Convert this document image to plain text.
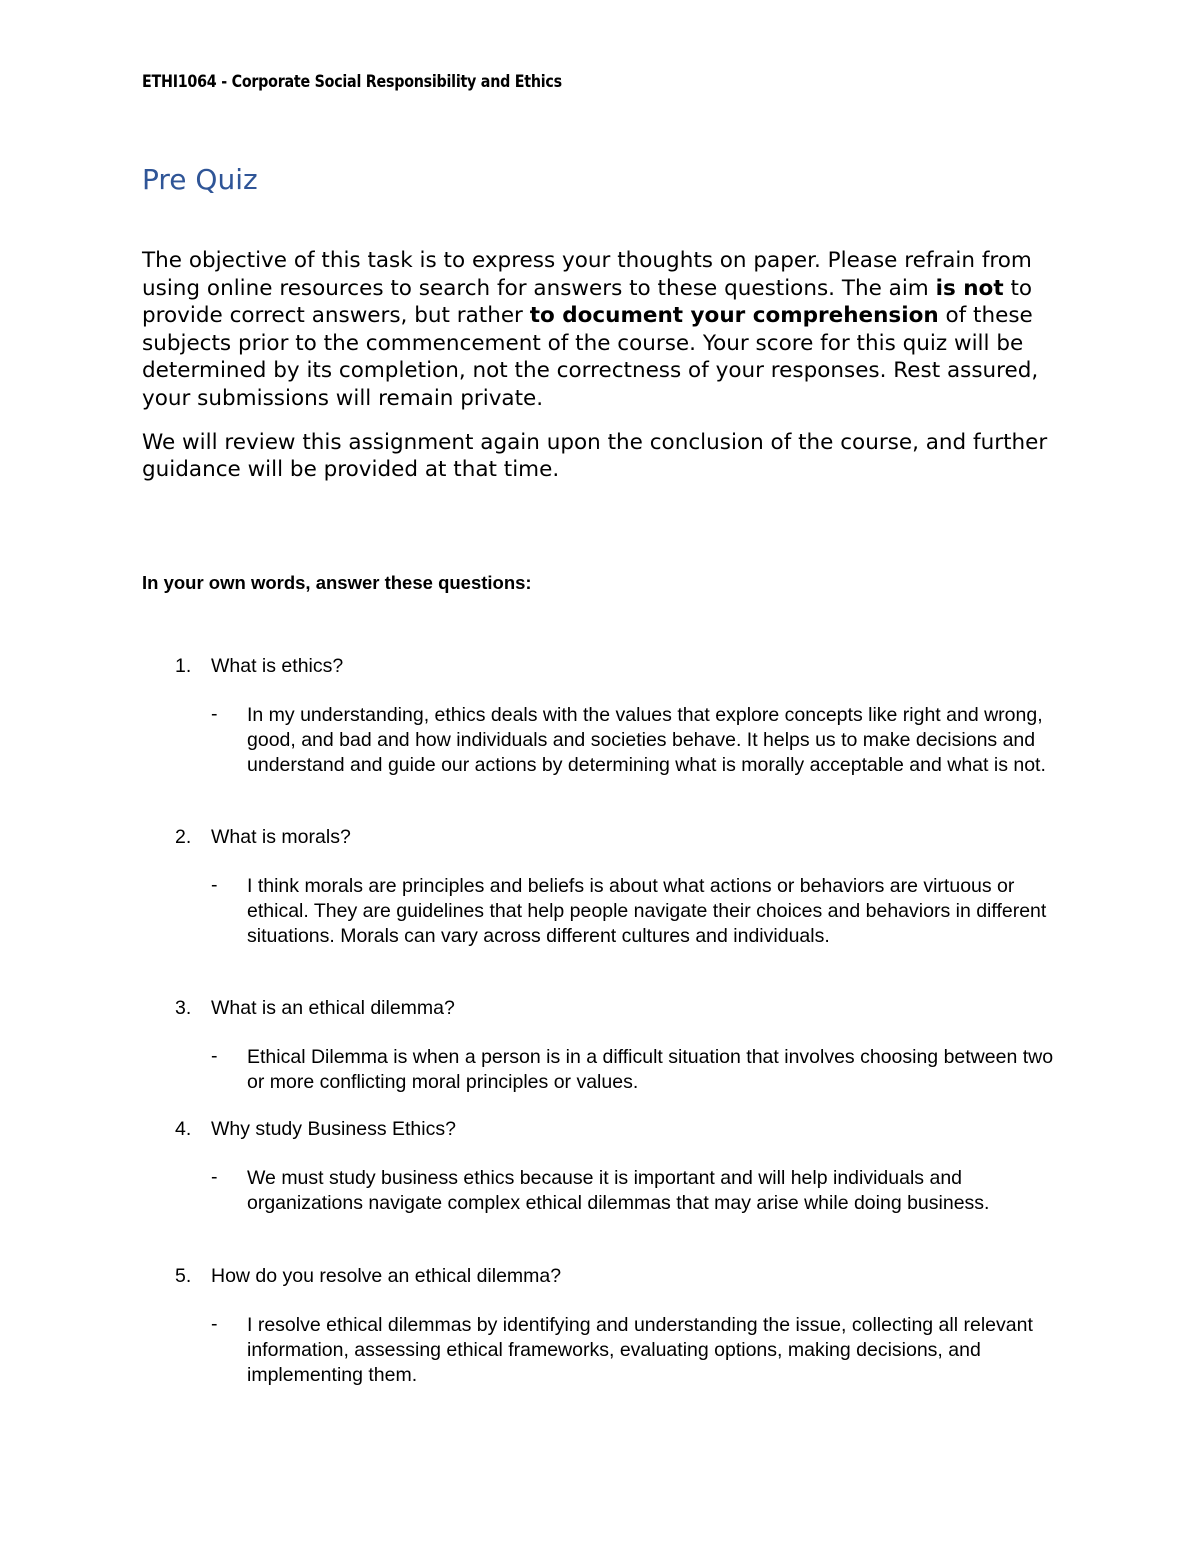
ETHI1064 - Corporate Social Responsibility and Ethics
Pre Quiz

The objective of this task is to express your thoughts on paper. Please refrain from using online resources to search for answers to these questions. The aim is not to provide correct answers, but rather to document your comprehension of these subjects prior to the commencement of the course. Your score for this quiz will be determined by its completion, not the correctness of your responses. Rest assured, your submissions will remain private.

We will review this assignment again upon the conclusion of the course, and further guidance will be provided at that time.

In your own words, answer these questions:
1. What is ethics?
- In my understanding, ethics deals with the values that explore concepts like right and wrong, good, and bad and how individuals and societies behave. It helps us to make decisions and understand and guide our actions by determining what is morally acceptable and what is not.

2. What is morals?
- I think morals are principles and beliefs is about what actions or behaviors are virtuous or ethical. They are guidelines that help people navigate their choices and behaviors in different situations. Morals can vary across different cultures and individuals.

3. What is an ethical dilemma?
- Ethical Dilemma is when a person is in a difficult situation that involves choosing between two or more conflicting moral principles or values.

4. Why study Business Ethics?
- We must study business ethics because it is important and will help individuals and organizations navigate complex ethical dilemmas that may arise while doing business.

5. How do you resolve an ethical dilemma?
- I resolve ethical dilemmas by identifying and understanding the issue, collecting all relevant information, assessing ethical frameworks, evaluating options, making decisions, and implementing them.
